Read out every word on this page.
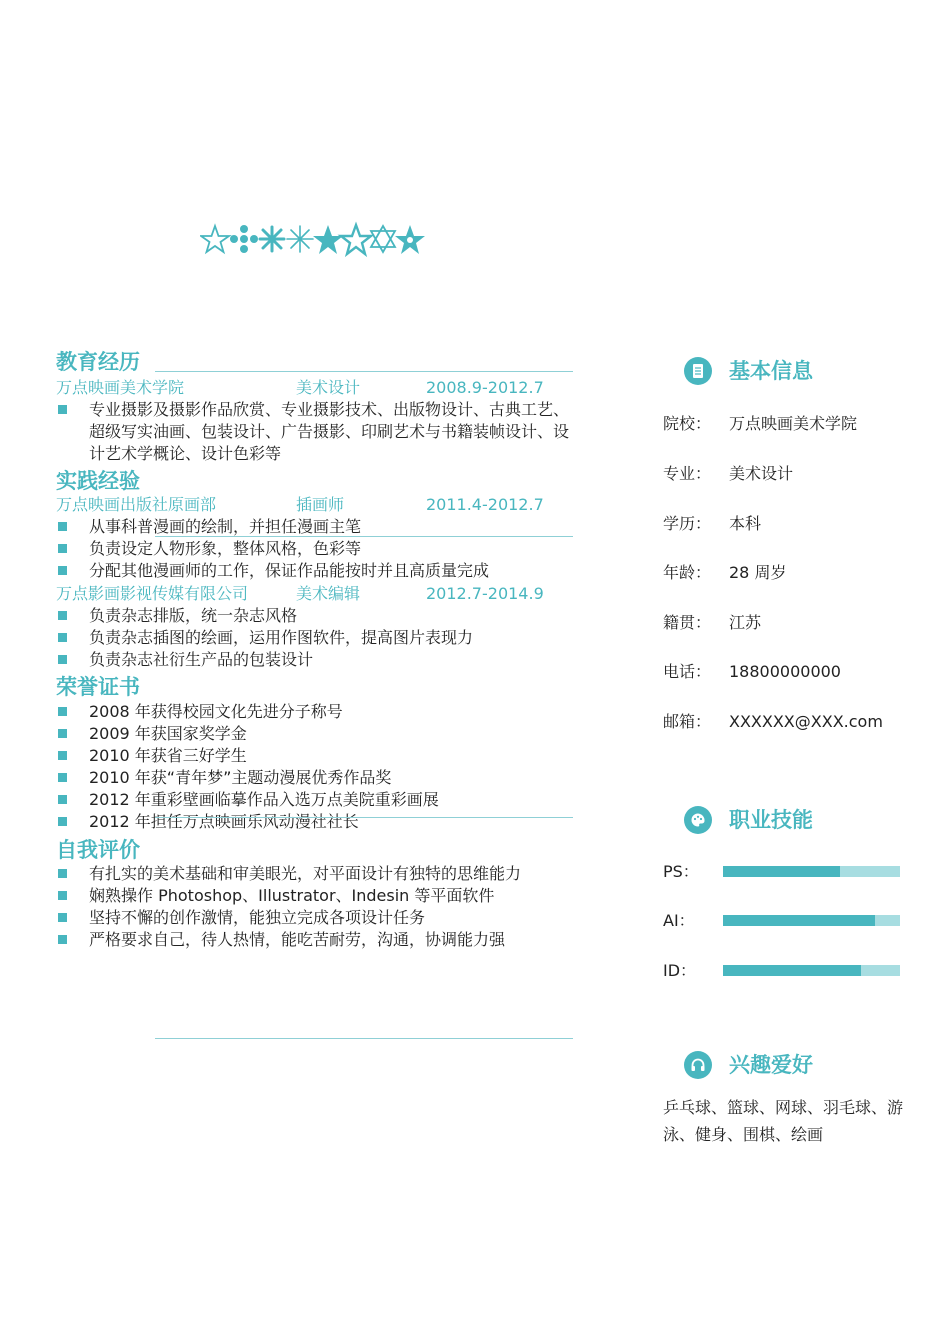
教育经历
万点映画美术学院	美术设计	2008.9-2012.7
专业摄影及摄影作品欣赏、专业摄影技术、出版物设计、古典工艺、超级写实油画、包装设计、广告摄影、印刷艺术与书籍装帧设计、设计艺术学概论、设计色彩等
实践经验
万点映画出版社原画部	插画师	2011.4-2012.7
从事科普漫画的绘制，并担任漫画主笔
负责设定人物形象，整体风格，色彩等
分配其他漫画师的工作，保证作品能按时并且高质量完成
万点影画影视传媒有限公司	美术编辑	2012.7-2014.9
负责杂志排版，统一杂志风格
负责杂志插图的绘画，运用作图软件，提高图片表现力
负责杂志社衍生产品的包装设计
荣誉证书
2008 年获得校园文化先进分子称号
2009 年获国家奖学金
2010 年获省三好学生
2010 年获“青年梦”主题动漫展优秀作品奖
2012 年重彩壁画临摹作品入选万点美院重彩画展
2012 年担任万点映画乐风动漫社社长
自我评价
有扎实的美术基础和审美眼光，对平面设计有独特的思维能力
娴熟操作 Photoshop、Illustrator、Indesin 等平面软件
坚持不懈的创作激情，能独立完成各项设计任务
严格要求自己，待人热情，能吃苦耐劳，沟通，协调能力强
基本信息
院校： 万点映画美术学院
专业： 美术设计
学历： 本科
年龄： 28 周岁
籍贯： 江苏
电话： 18800000000
邮箱： XXXXXX@XXX.com
职业技能
PS：
AI：
ID：
兴趣爱好
乒乓球、篮球、网球、羽毛球、游泳、健身、围棋、绘画
